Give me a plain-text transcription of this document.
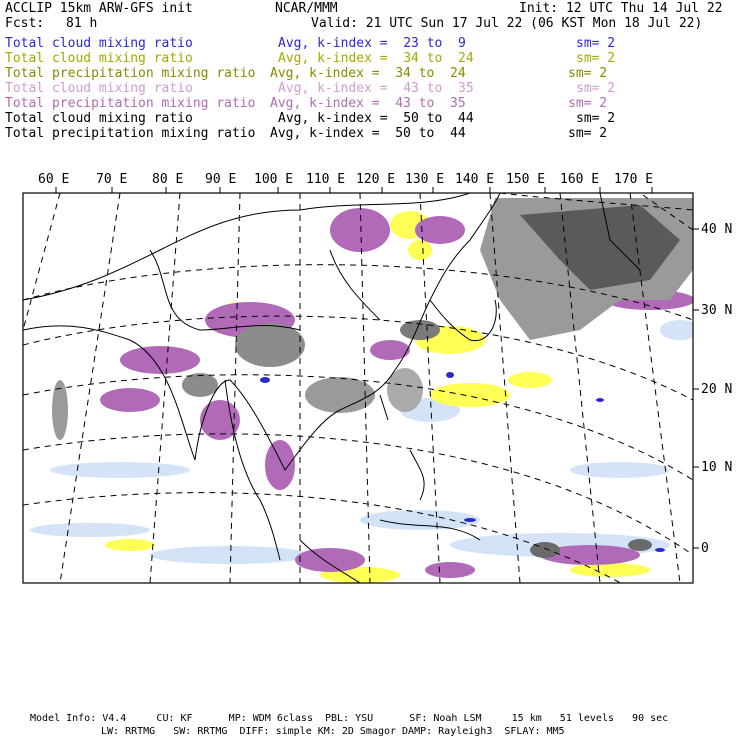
ACCLIP 15km ARW-GFS init	NCAR/MMM	Init: 12 UTC Thu 14 Jul 22
Fcst: 81 h	Valid: 21 UTC Sun 17 Jul 22 (06 KST Mon 18 Jul 22)
Total cloud mixing ratio	Avg, k-index =  23 to  9	sm= 2
Total cloud mixing ratio	Avg, k-index =  34 to  24	sm= 2
Total precipitation mixing ratio Avg, k-index =  34 to  24	sm= 2
Total cloud mixing ratio	Avg, k-index =  43 to  35	sm= 2
Total precipitation mixing ratio Avg, k-index =  43 to  35	sm= 2
Total cloud mixing ratio	Avg, k-index =  50 to  44	sm= 2
Total precipitation mixing ratio Avg, k-index =  50 to  44	sm= 2
60 E 70 E 80 E 90 E 100 E 110 E 120 E 130 E 140 E 150 E 160 E 170 E
40 N
30 N
20 N
10 N
0
Model Info: V4.4     CU: KF      MP: WDM 6class  PBL: YSU      SF: Noah LSM     15 km   51 levels   90 sec
LW: RRTMG   SW: RRTMG  DIFF: simple KM: 2D Smagor DAMP: Rayleigh3  SFLAY: MM5
